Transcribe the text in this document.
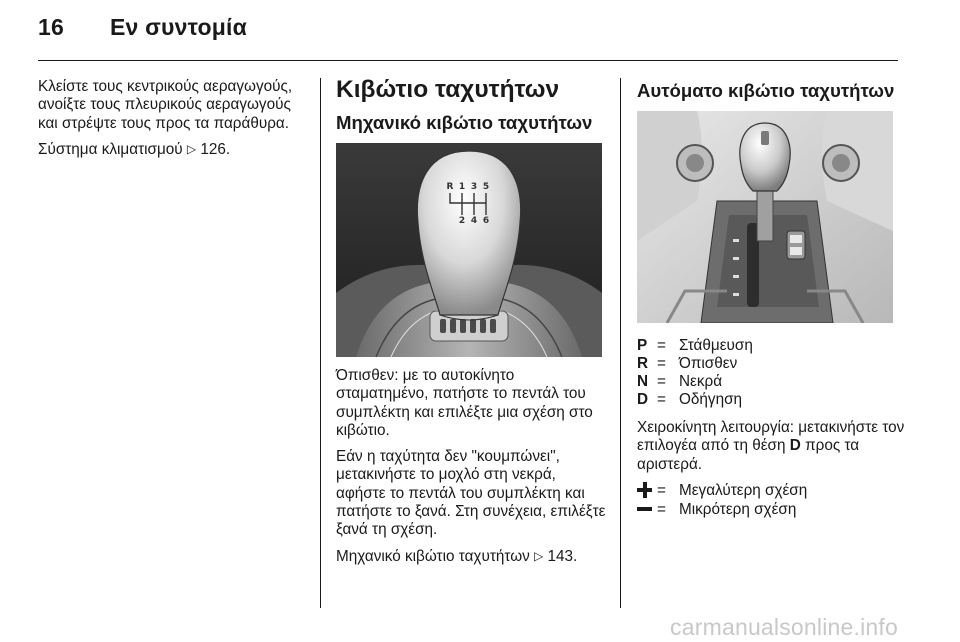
16 Εν συντομία

Κλείστε τους κεντρικούς αεραγωγούς, ανοίξτε τους πλευρικούς αεραγωγούς και στρέψτε τους προς τα παράθυρα.

Σύστημα κλιματισμού ▷ 126.

Κιβώτιο ταχυτήτων
Μηχανικό κιβώτιο ταχυτήτων
R 1 3 5
2 4 6

Όπισθεν: με το αυτοκίνητο σταματημένο, πατήστε το πεντάλ του συμπλέκτη και επιλέξτε μια σχέση στο κιβώτιο.

Εάν η ταχύτητα δεν "κουμπώνει", μετακινήστε το μοχλό στη νεκρά, αφήστε το πεντάλ του συμπλέκτη και πατήστε το ξανά. Στη συνέχεια, επιλέξτε ξανά τη σχέση.

Μηχανικό κιβώτιο ταχυτήτων ▷ 143.

Αυτόματο κιβώτιο ταχυτήτων
P	=	Στάθμευση
R	=	Όπισθεν
N	=	Νεκρά
D	=	Οδήγηση

Χειροκίνητη λειτουργία: μετακινήστε τον επιλογέα από τη θέση D προς τα αριστερά.

	=	Μεγαλύτερη σχέση
	=	Μικρότερη σχέση
carmanualsonline.info
